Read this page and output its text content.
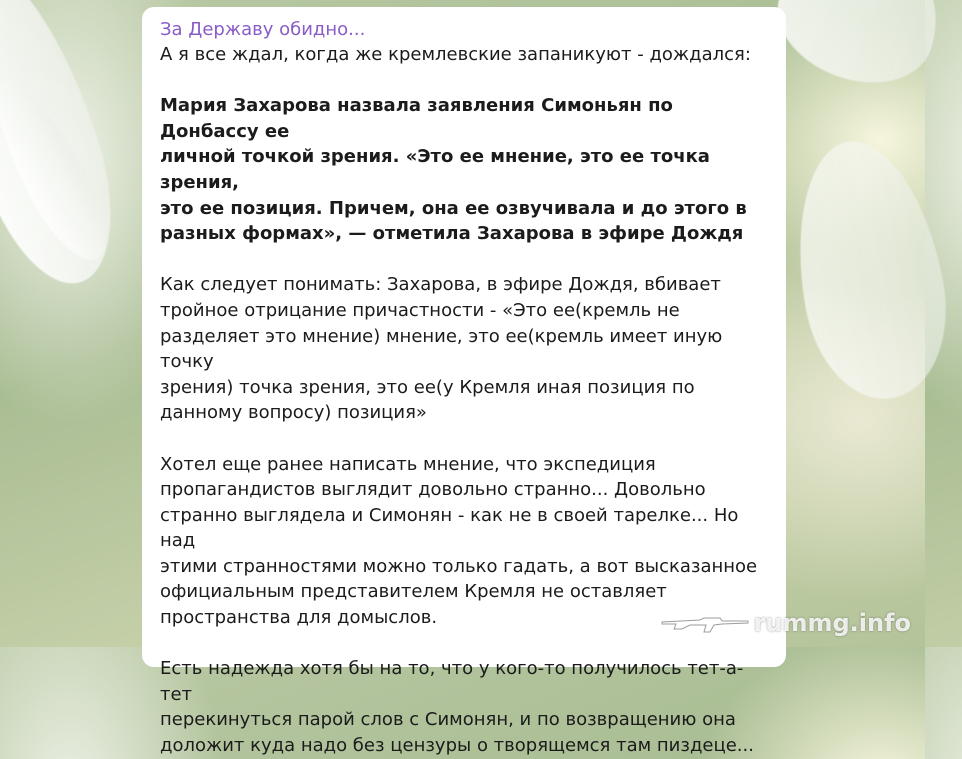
За Державу обидно...

А я все ждал, когда же кремлевские запаникуют - дождался:

Мария Захарова назвала заявления Симоньян по Донбассу ее
личной точкой зрения. «Это ее мнение, это ее точка зрения,
это ее позиция. Причем, она ее озвучивала и до этого в
разных формах», — отметила Захарова в эфире Дождя
Как следует понимать: Захарова, в эфире Дождя, вбивает
тройное отрицание причастности - «Это ее(кремль не
разделяет это мнение) мнение, это ее(кремль имеет иную точку
зрения) точка зрения, это ее(у Кремля иная позиция по
данному вопросу) позиция»
Хотел еще ранее написать мнение, что экспедиция
пропагандистов выглядит довольно странно... Довольно
странно выглядела и Симонян - как не в своей тарелке... Но над
этими странностями можно только гадать, а вот высказанное
официальным представителем Кремля не оставляет
пространства для домыслов.
Есть надежда хотя бы на то, что у кого-то получилось тет-а-тет
перекинуться парой слов с Симонян, и по возвращению она
доложит куда надо без цензуры о творящемся там пиздеце...
rummg.info
